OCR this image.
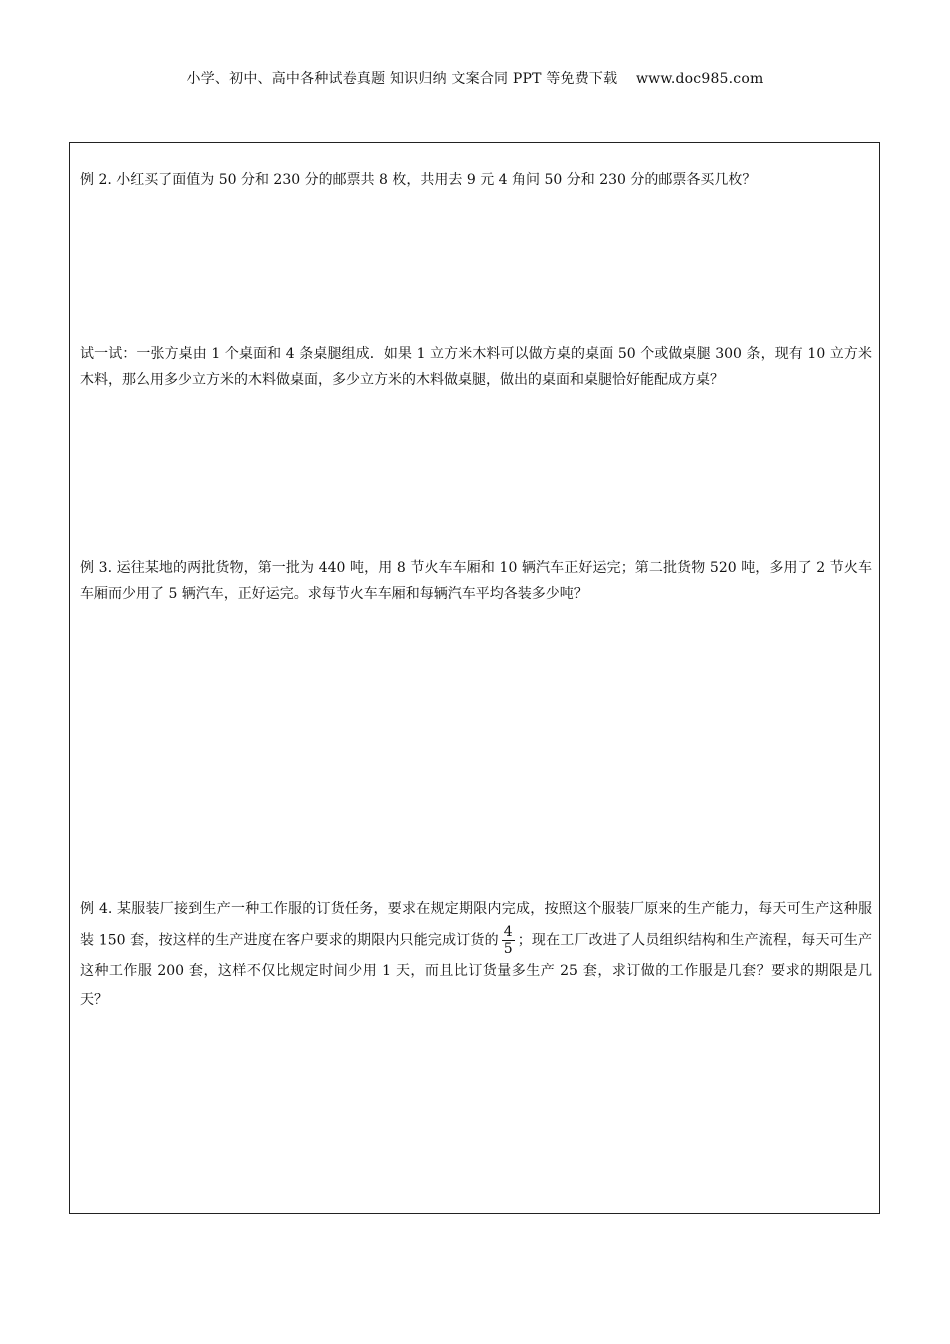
小学、初中、高中各种试卷真题 知识归纳 文案合同 PPT 等免费下载 www.doc985.com

例 2. 小红买了面值为 50 分和 230 分的邮票共 8 枚，共用去 9 元 4 角问 50 分和 230 分的邮票各买几枚？

试一试：一张方桌由 1 个桌面和 4 条桌腿组成．如果 1 立方米木料可以做方桌的桌面 50 个或做桌腿 300 条，现有 10 立方米木料，那么用多少立方米的木料做桌面，多少立方米的木料做桌腿，做出的桌面和桌腿恰好能配成方桌？

例 3. 运往某地的两批货物，第一批为 440 吨，用 8 节火车车厢和 10 辆汽车正好运完；第二批货物 520 吨，多用了 2 节火车车厢而少用了 5 辆汽车，正好运完。求每节火车车厢和每辆汽车平均各装多少吨？

例 4. 某服装厂接到生产一种工作服的订货任务，要求在规定期限内完成，按照这个服装厂原来的生产能力，每天可生产这种服装 150 套，按这样的生产进度在客户要求的期限内只能完成订货的 $\frac{4}{5}$ ；现在工厂改进了人员组织结构和生产流程，每天可生产这种工作服 200 套，这样不仅比规定时间少用 1 天，而且比订货量多生产 25 套，求订做的工作服是几套？要求的期限是几天？
